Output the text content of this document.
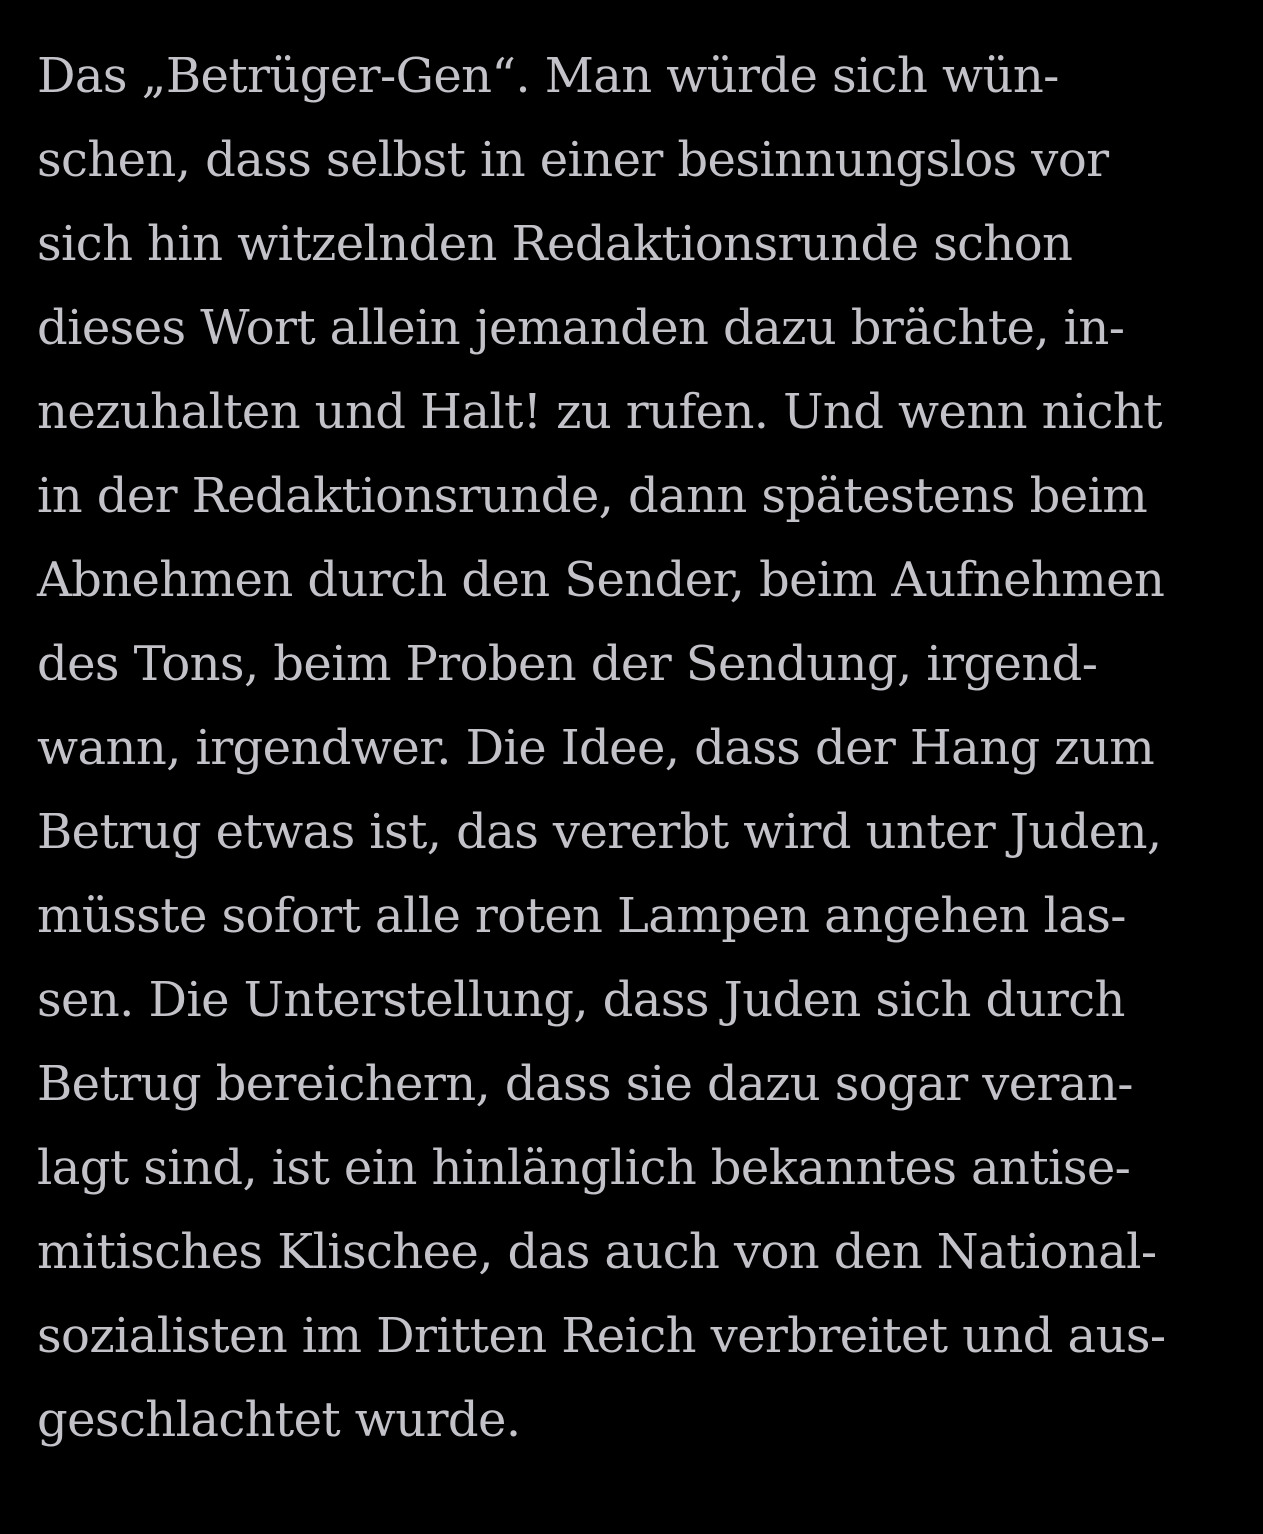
Das „Betrüger-Gen“. Man würde sich wün-
schen, dass selbst in einer besinnungslos vor
sich hin witzelnden Redaktionsrunde schon
dieses Wort allein jemanden dazu brächte, in-
nezuhalten und Halt! zu rufen. Und wenn nicht
in der Redaktionsrunde, dann spätestens beim
Abnehmen durch den Sender, beim Aufnehmen
des Tons, beim Proben der Sendung, irgend-
wann, irgendwer. Die Idee, dass der Hang zum
Betrug etwas ist, das vererbt wird unter Juden,
müsste sofort alle roten Lampen angehen las-
sen. Die Unterstellung, dass Juden sich durch
Betrug bereichern, dass sie dazu sogar veran-
lagt sind, ist ein hinlänglich bekanntes antise-
mitisches Klischee, das auch von den National-
sozialisten im Dritten Reich verbreitet und aus-
geschlachtet wurde.
